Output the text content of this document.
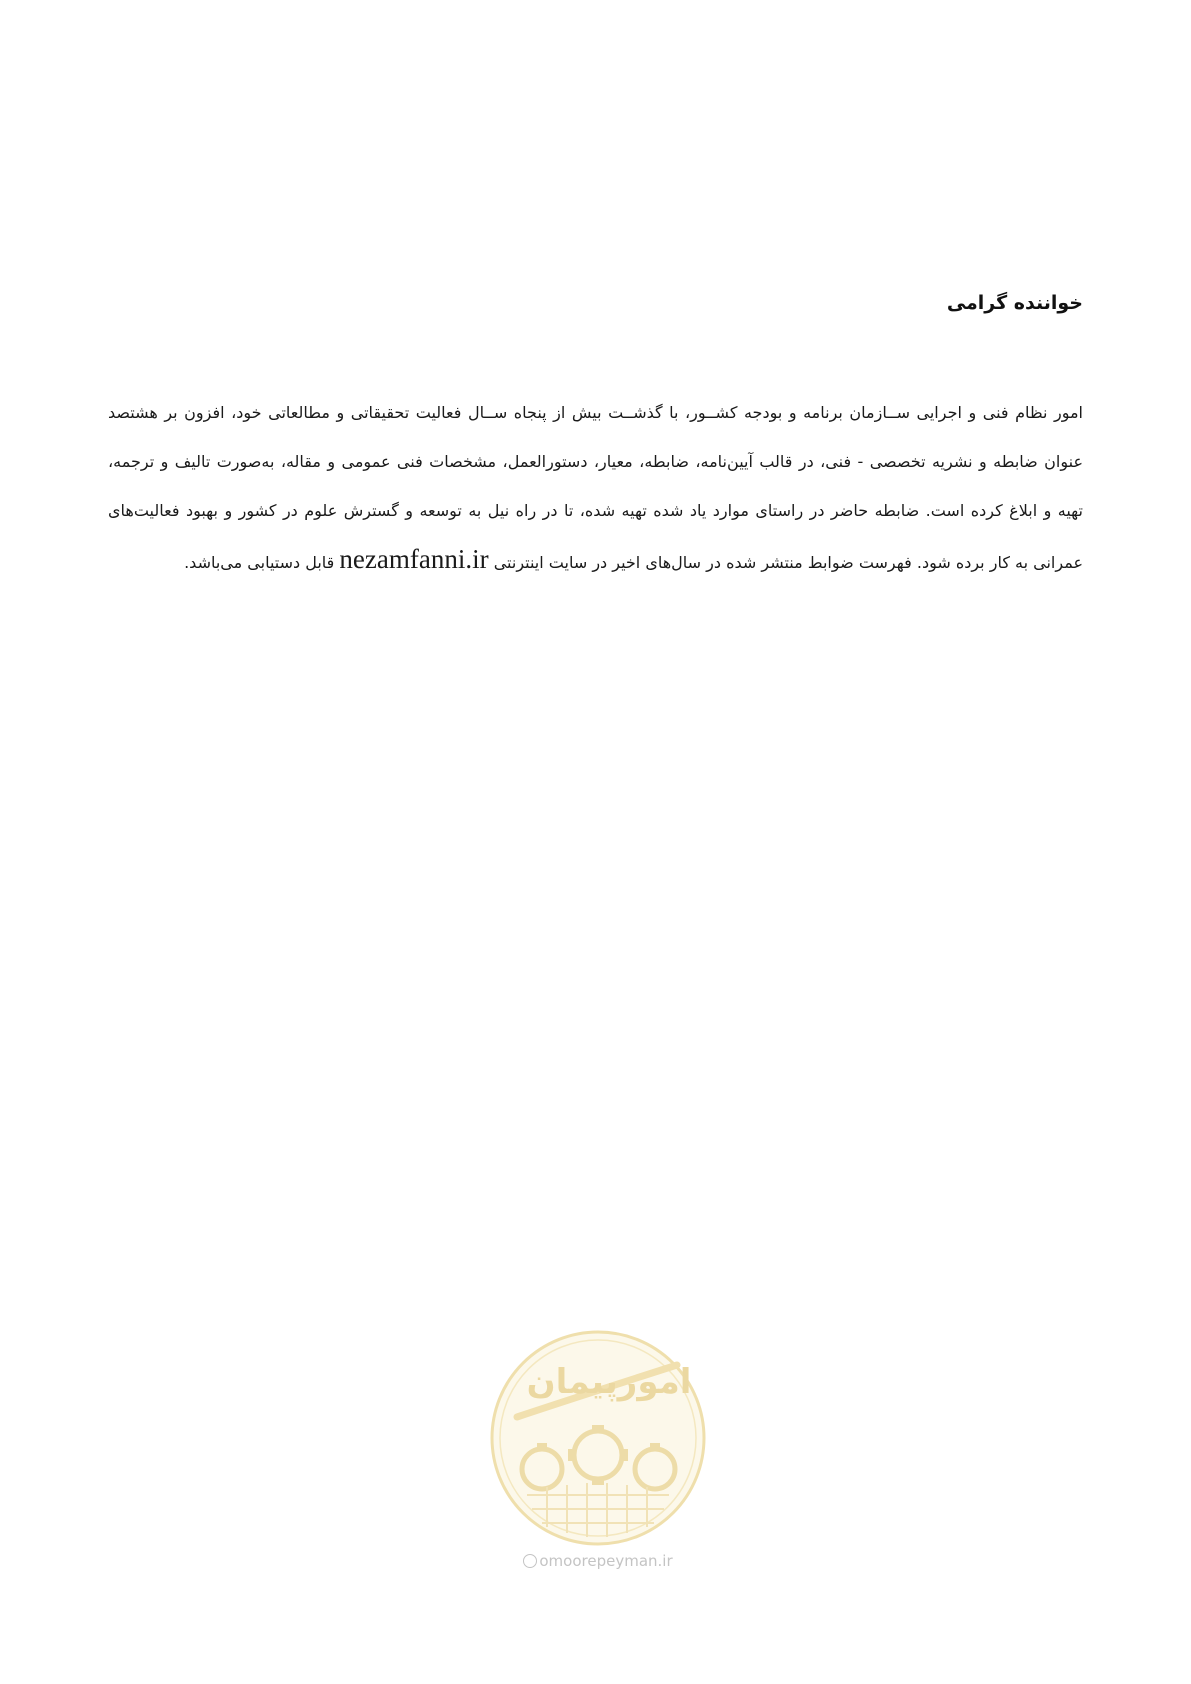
خواننده گرامی
امور نظام فنی و اجرایی ســازمان برنامه و بودجه کشــور، با گذشــت بیش از پنجاه ســال فعالیت تحقیقاتی و مطالعاتی خود، افزون بر هشتصد عنوان ضابطه و نشریه تخصصی - فنی، در قالب آیین‌نامه، ضابطه، معیار، دستورالعمل، مشخصات فنی عمومی و مقاله، به‌صورت تالیف و ترجمه، تهیه و ابلاغ کرده است. ضابطه حاضر در راستای موارد یاد شده تهیه شده، تا در راه نیل به توسعه و گسترش علوم در کشور و بهبود فعالیت‌های عمرانی به کار برده شود. فهرست ضوابط منتشر شده در سال‌های اخیر در سایت اینترنتی nezamfanni.ir قابل دستیابی می‌باشد.
امورپیمان
omoorepeyman.ir
